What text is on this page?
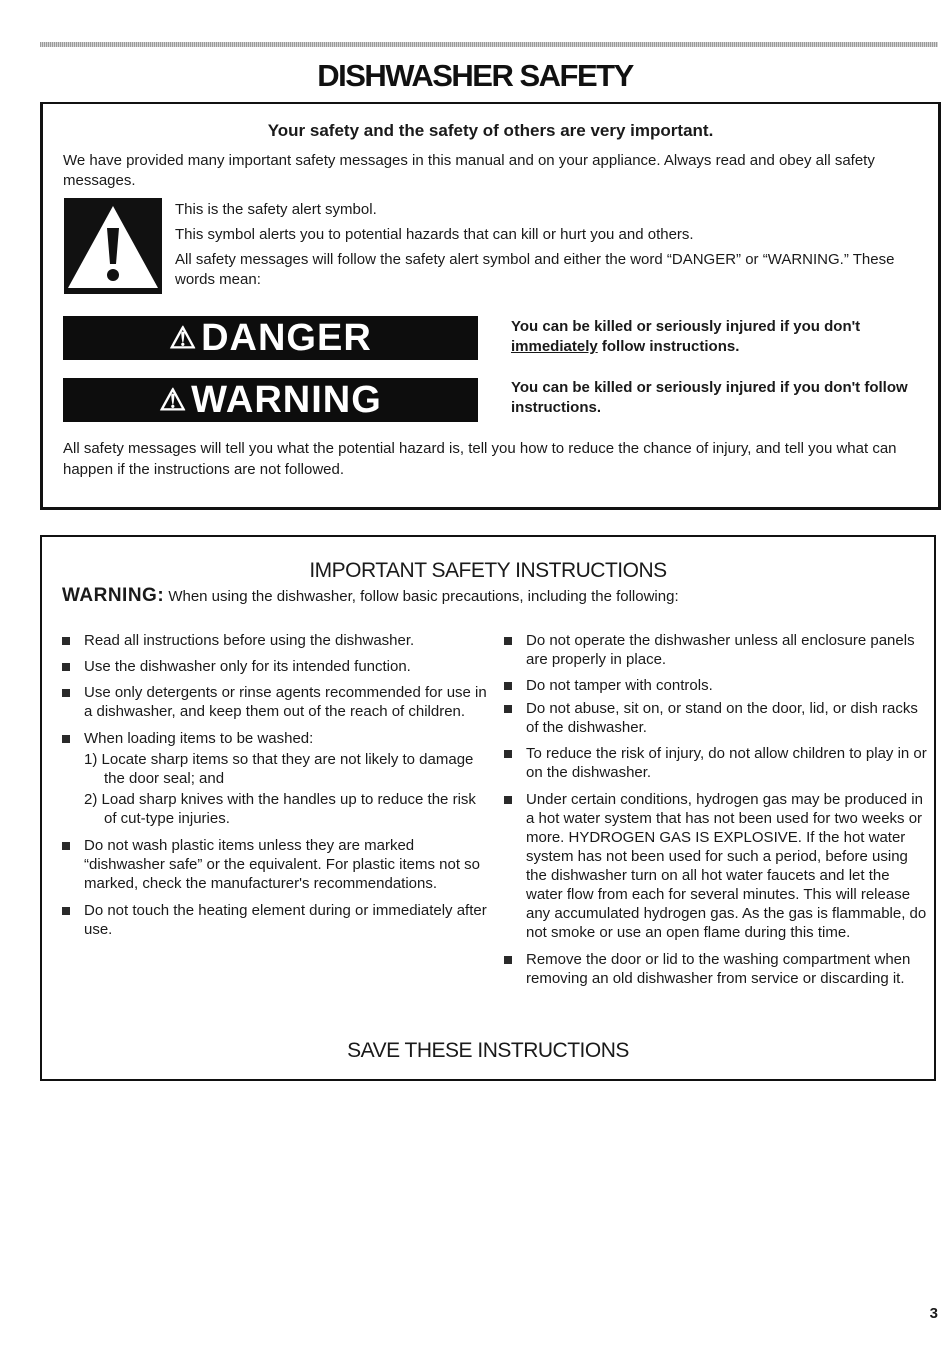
DISHWASHER SAFETY
Your safety and the safety of others are very important.

We have provided many important safety messages in this manual and on your appliance. Always read and obey all safety messages.

This is the safety alert symbol.

This symbol alerts you to potential hazards that can kill or hurt you and others.

All safety messages will follow the safety alert symbol and either the word “DANGER” or “WARNING.” These words mean:

⚠ DANGER	You can be killed or seriously injured if you don't immediately follow instructions.

⚠ WARNING	You can be killed or seriously injured if you don't follow instructions.

All safety messages will tell you what the potential hazard is, tell you how to reduce the chance of injury, and tell you what can happen if the instructions are not followed.

IMPORTANT SAFETY INSTRUCTIONS

WARNING: When using the dishwasher, follow basic precautions, including the following:

Read all instructions before using the dishwasher.
Use the dishwasher only for its intended function.
Use only detergents or rinse agents recommended for use in a dishwasher, and keep them out of the reach of children.
When loading items to be washed:
1) Locate sharp items so that they are not likely to damage the door seal; and
2) Load sharp knives with the handles up to reduce the risk of cut-type injuries.
Do not wash plastic items unless they are marked “dishwasher safe” or the equivalent. For plastic items not so marked, check the manufacturer's recommendations.
Do not touch the heating element during or immediately after use.
Do not operate the dishwasher unless all enclosure panels are properly in place.
Do not tamper with controls.
Do not abuse, sit on, or stand on the door, lid, or dish racks of the dishwasher.
To reduce the risk of injury, do not allow children to play in or on the dishwasher.
Under certain conditions, hydrogen gas may be produced in a hot water system that has not been used for two weeks or more. HYDROGEN GAS IS EXPLOSIVE. If the hot water system has not been used for such a period, before using the dishwasher turn on all hot water faucets and let the water flow from each for several minutes. This will release any accumulated hydrogen gas. As the gas is flammable, do not smoke or use an open flame during this time.
Remove the door or lid to the washing compartment when removing an old dishwasher from service or discarding it.

SAVE THESE INSTRUCTIONS

3
